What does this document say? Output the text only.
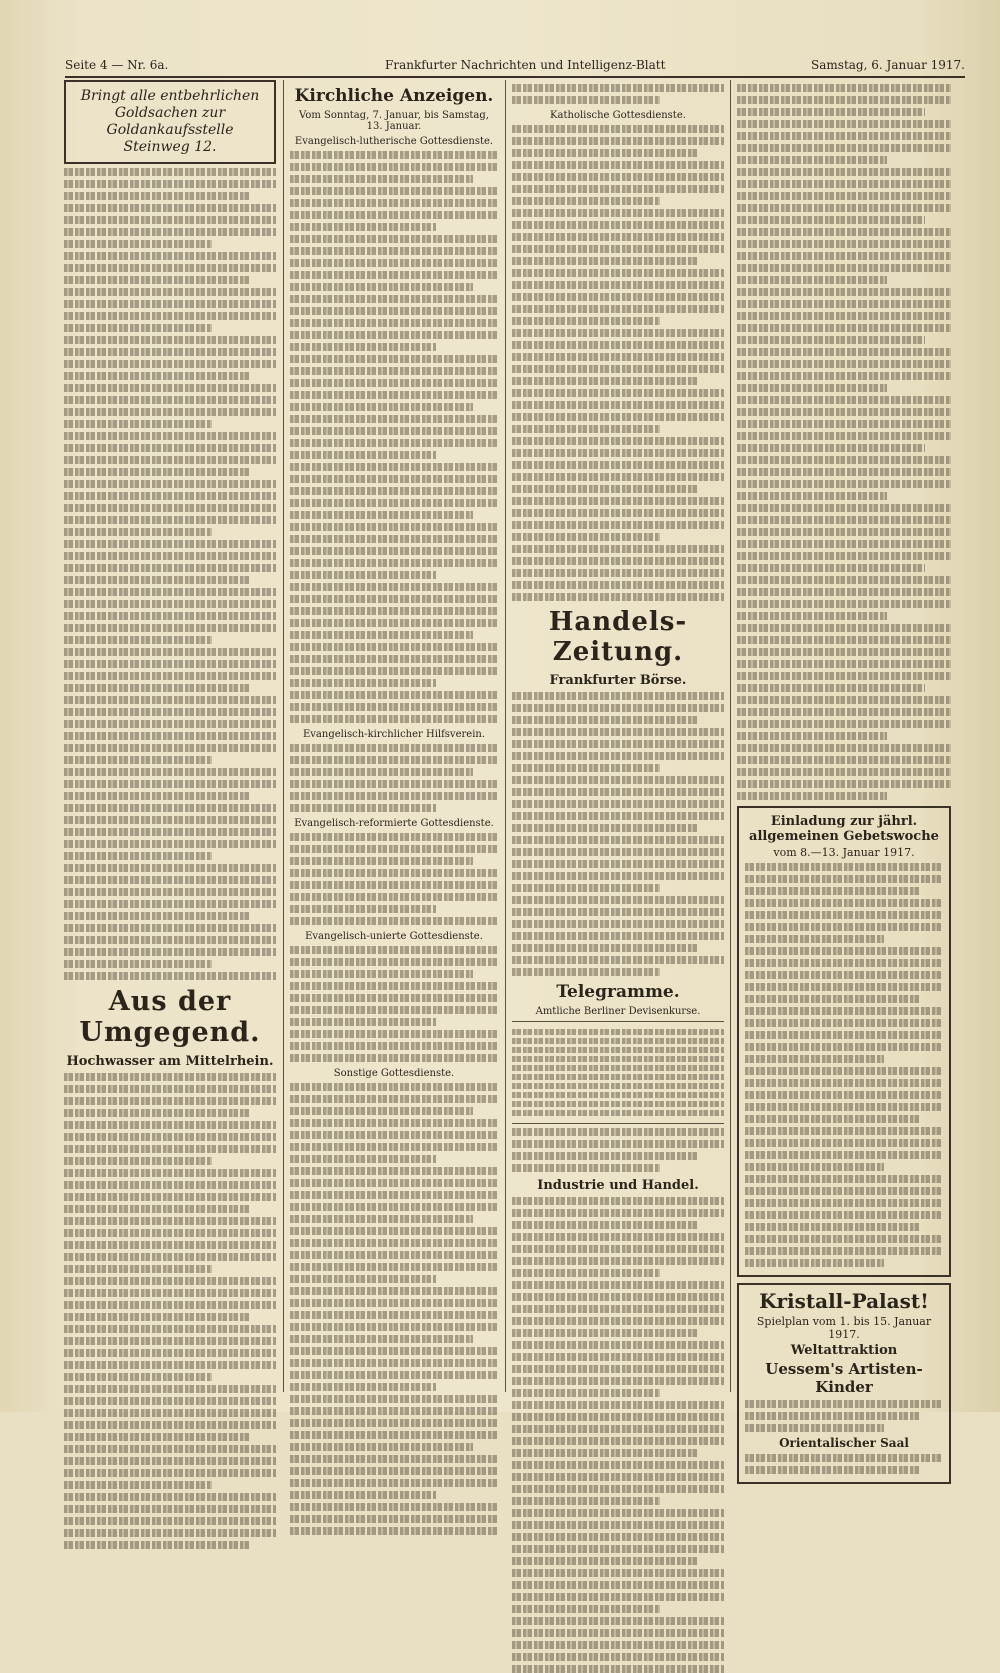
Seite 4 — Nr. 6a.	Frankfurter Nachrichten und Intelligenz-Blatt	Samstag, 6. Januar 1917.
Bringt alle entbehrlichen Goldsachen zur Goldankaufsstelle Steinweg 12.
Aus der Umgegend.
Hochwasser am Mittelrhein.
Kirchliche Anzeigen.
Vom Sonntag, 7. Januar, bis Samstag, 13. Januar.
Evangelisch-lutherische Gottesdienste.
Evangelisch-kirchlicher Hilfsverein.
Evangelisch-reformierte Gottesdienste.
Evangelisch-unierte Gottesdienste.
Sonstige Gottesdienste.
Katholische Gottesdienste.
Handels-Zeitung.
Frankfurter Börse.
Telegramme.
Amtliche Berliner Devisenkurse.
Industrie und Handel.
Einladung zur jährl. allgemeinen Gebetswoche
vom 8.—13. Januar 1917.
Kristall-Palast!
Spielplan vom 1. bis 15. Januar 1917.
Weltattraktion
Uessem's Artisten-Kinder
Orientalischer Saal
